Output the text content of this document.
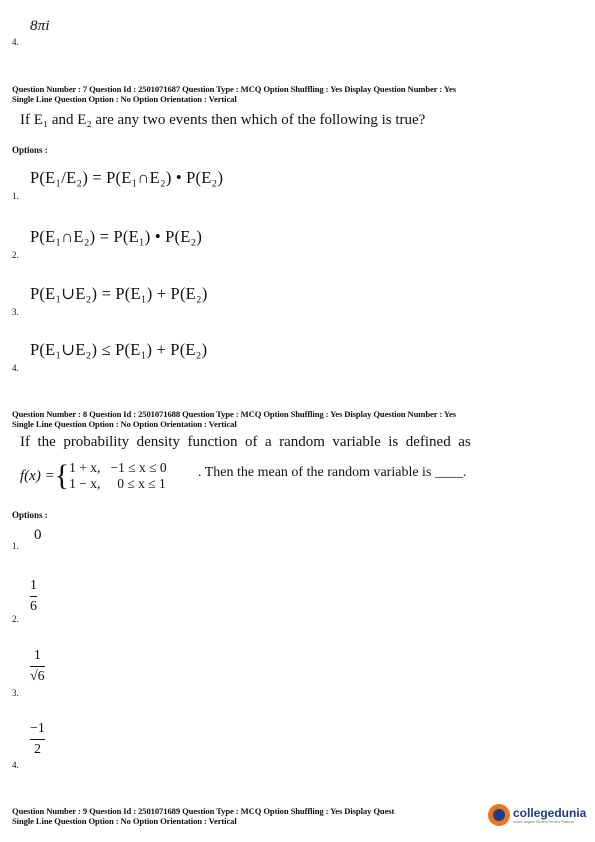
8πi
4.
Question Number : 7 Question Id : 2501071687 Question Type : MCQ Option Shuffling : Yes Display Question Number : Yes
Single Line Question Option : No Option Orientation : Vertical
If E₁ and E₂ are any two events then which of the following is true?
Options :
P(E₁/E₂) = P(E₁∩E₂) • P(E₂)
1.
P(E₁∩E₂) = P(E₁) • P(E₂)
2.
P(E₁∪E₂) = P(E₁) + P(E₂)
3.
P(E₁∪E₂) ≤ P(E₁) + P(E₂)
4.
Question Number : 8 Question Id : 2501071688 Question Type : MCQ Option Shuffling : Yes Display Question Number : Yes
Single Line Question Option : No Option Orientation : Vertical
If  the  probability  density  function  of  a  random  variable  is  defined  as
f(x) = { 1 + x,   −1 ≤ x ≤ 0
1 − x,     0 ≤ x ≤ 1
. Then the mean of the random variable is ____.
Options :
0
1.
1
6
2.
1
√6
3.
−1
2
4.
Question Number : 9 Question Id : 2501071689 Question Type : MCQ Option Shuffling : Yes Display Quest
Single Line Question Option : No Option Orientation : Vertical
collegedunia
India's largest Student Review Platform
